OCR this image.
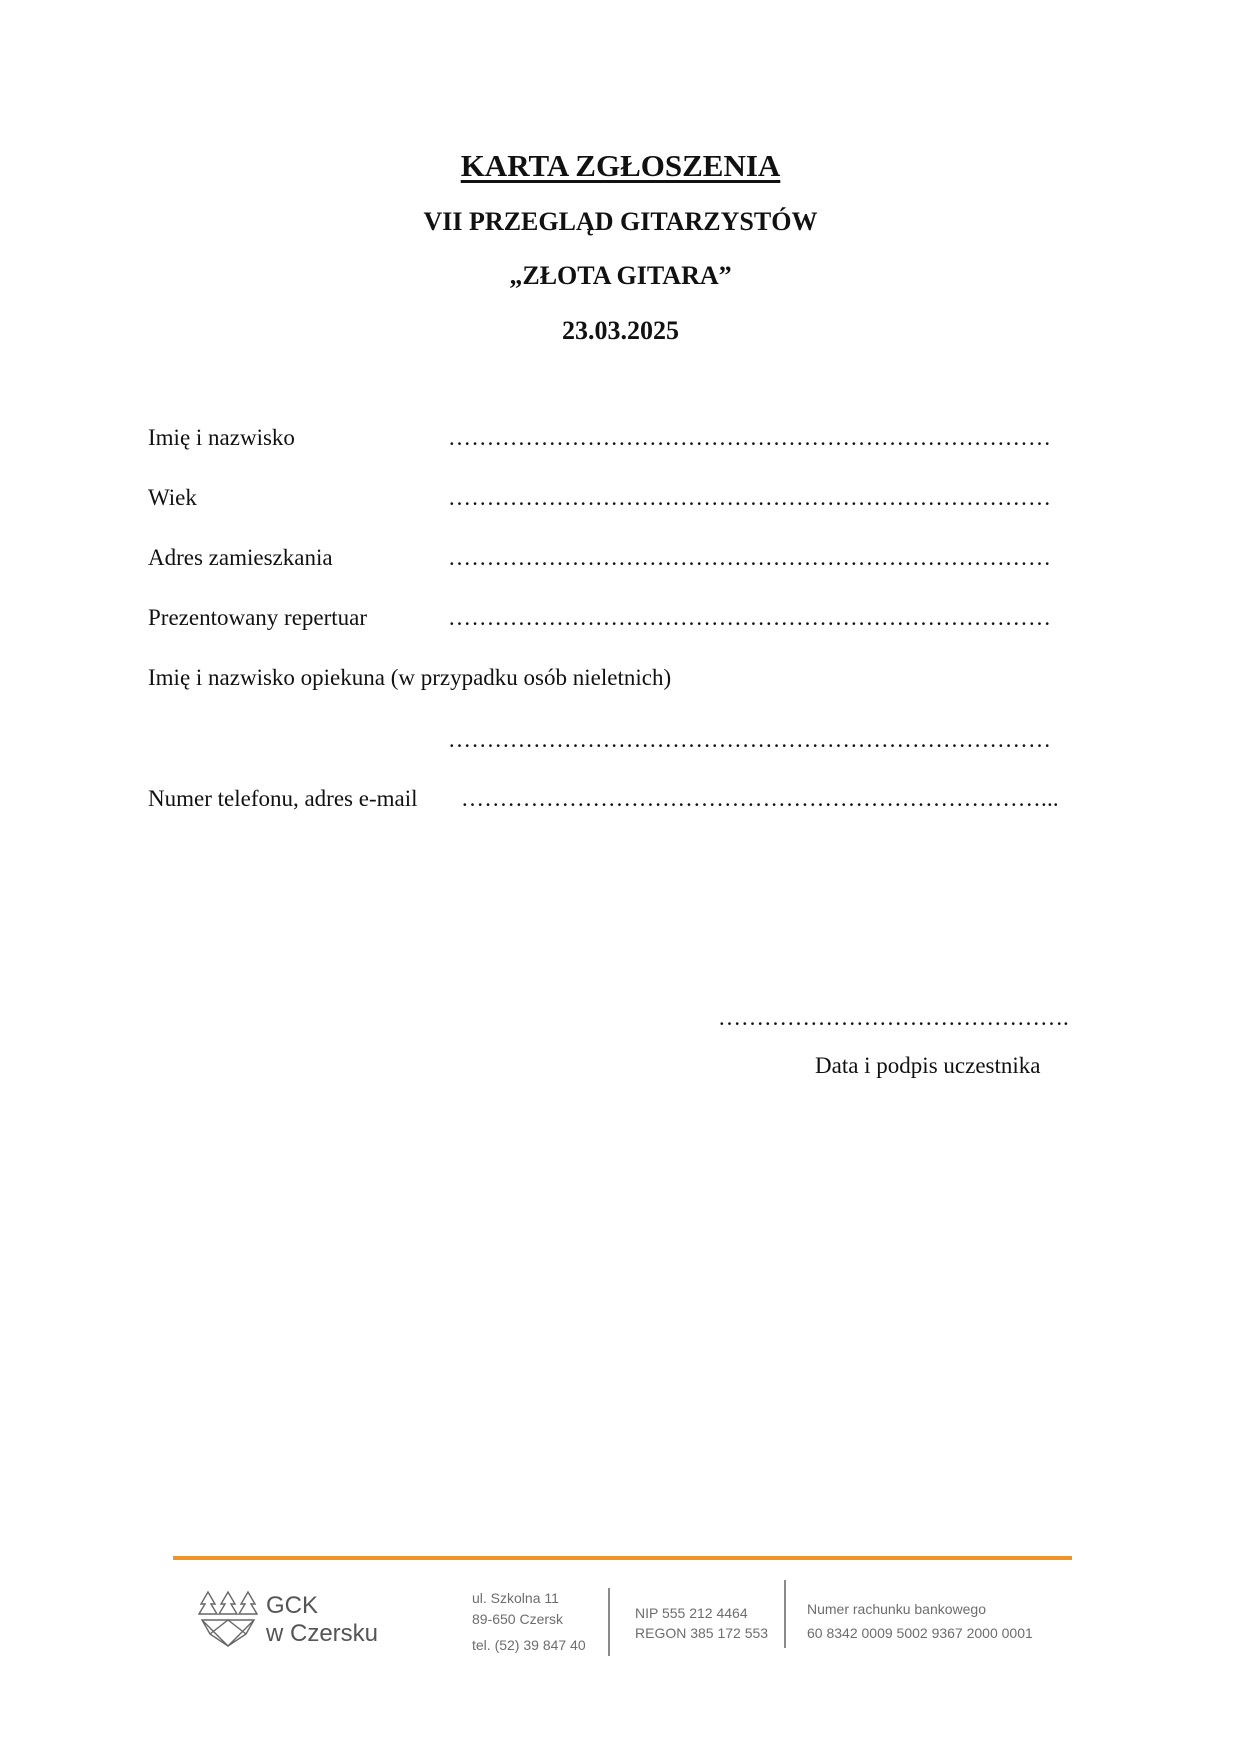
KARTA ZGŁOSZENIA
VII PRZEGLĄD GITARZYSTÓW
„ZŁOTA GITARA”
23.03.2025
Imię i nazwisko	……………………………………………………………………
Wiek	……………………………………………………………………
Adres zamieszkania	……………………………………………………………………
Prezentowany repertuar	……………………………………………………………………
Imię i nazwisko opiekuna (w przypadku osób nieletnich)
……………………………………………………………………
Numer telefonu, adres e-mail …………………………………………………………………...
……………………………………….
Data i podpis uczestnika
GCK
w Czersku
ul. Szkolna 11
89-650 Czersk
tel. (52) 39 847 40
NIP 555 212 4464
REGON 385 172 553
Numer rachunku bankowego
60 8342 0009 5002 9367 2000 0001
